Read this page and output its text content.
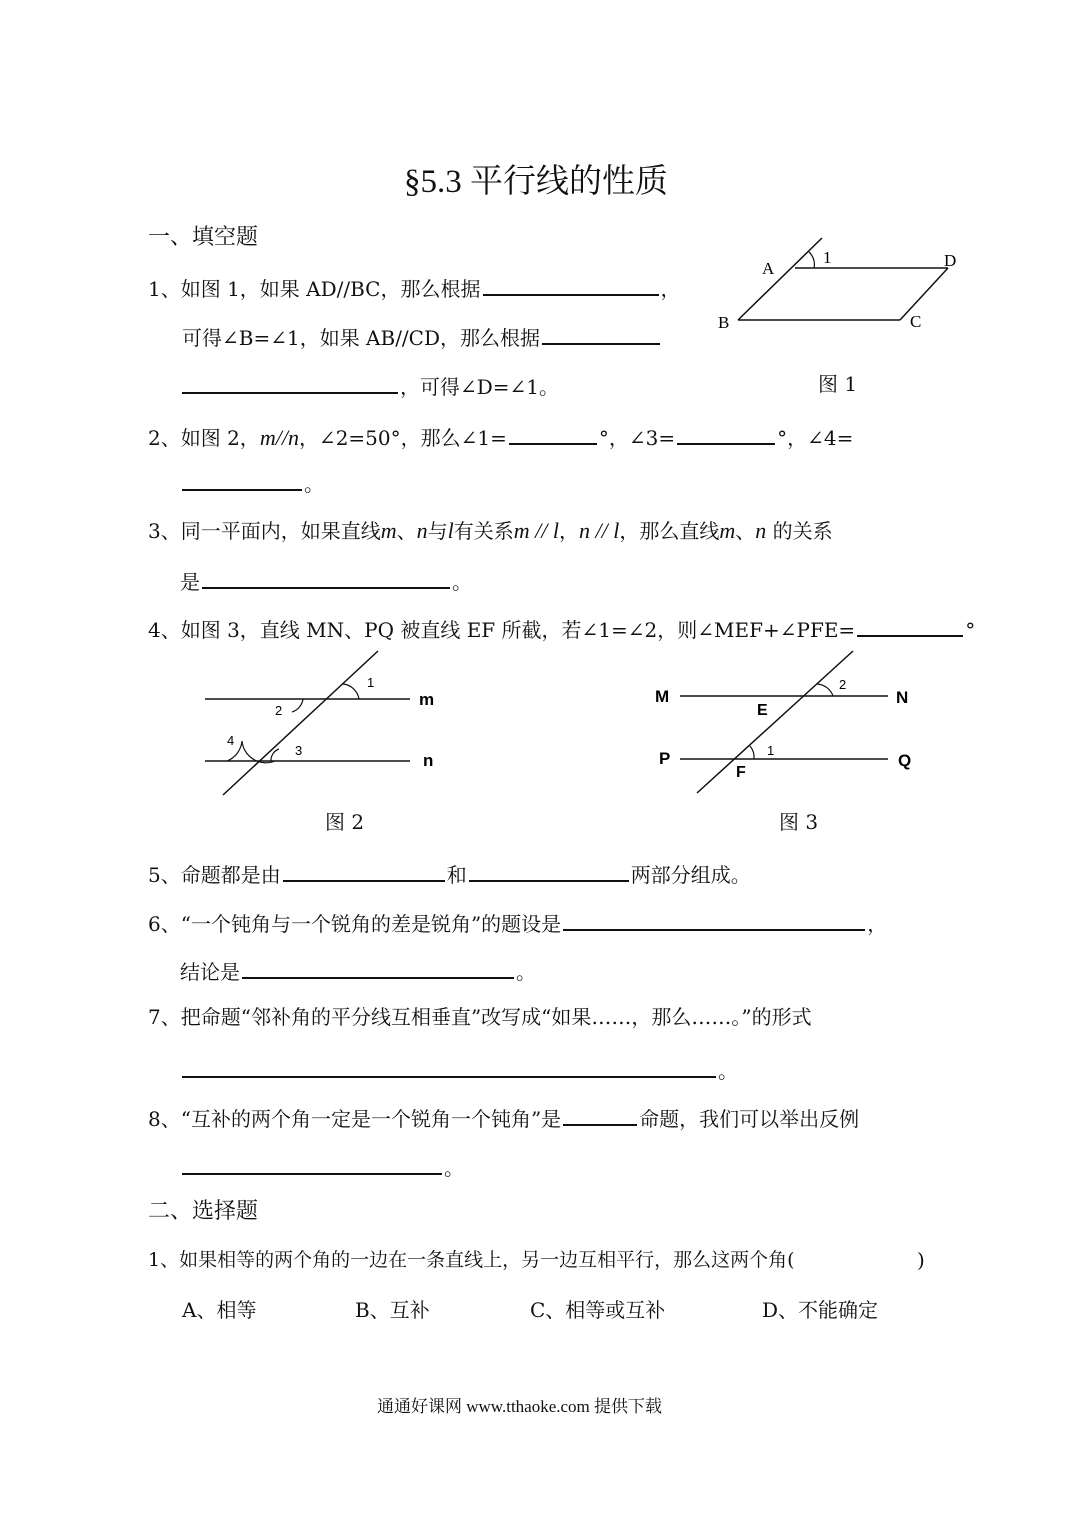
§5.3 平行线的性质
一、填空题
1、如图 1，如果 AD//BC，那么根据	，
可得∠B=∠1，如果 AB//CD，那么根据
，可得∠D=∠1。
1
A	D
B	C
图 1
2、如图 2，m//n，∠2=50°，那么∠1=	°，∠3=	°，∠4=
。
3、同一平面内，如果直线m、n与l有关系m // l，n // l，那么直线m、n 的关系
是	。
4、如图 3，直线 MN、PQ 被直线 EF 所截，若∠1=∠2，则∠MEF+∠PFE=	°
1
2
3
4
m
n
图 2
M	N
P	Q
E
F
1
2
图 3
5、命题都是由	和	两部分组成。
6、“一个钝角与一个锐角的差是锐角”的题设是	，
结论是	。
7、把命题“邻补角的平分线互相垂直”改写成“如果……，那么……。”的形式
。
8、“互补的两个角一定是一个锐角一个钝角”是	命题，我们可以举出反例
。
二、选择题
1、如果相等的两个角的一边在一条直线上，另一边互相平行，那么这两个角(	)
A、相等	B、互补	C、相等或互补	D、不能确定
通通好课网 www.tthaoke.com 提供下载
